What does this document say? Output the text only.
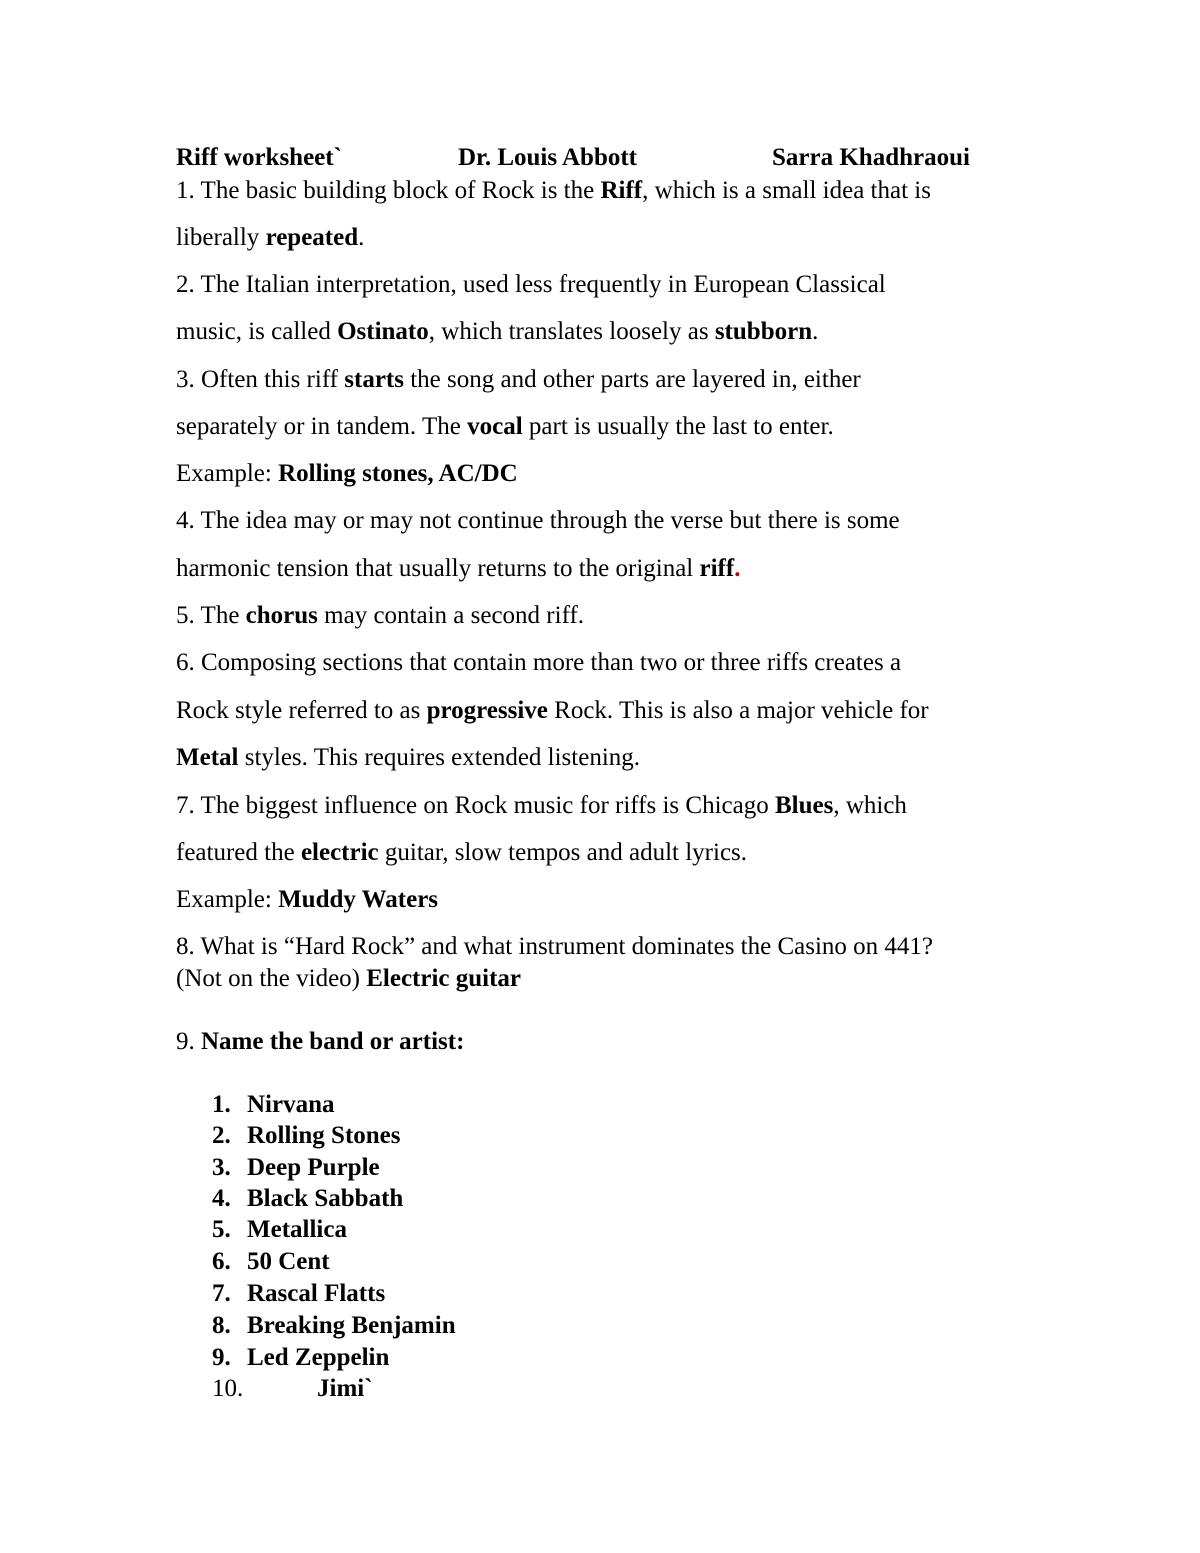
Riff worksheet`	Dr. Louis Abbott	Sarra Khadhraoui
1. The basic building block of Rock is the Riff, which is a small idea that is
liberally repeated.
2. The Italian interpretation, used less frequently in European Classical
music, is called Ostinato, which translates loosely as stubborn.
3. Often this riff starts the song and other parts are layered in, either
separately or in tandem. The vocal part is usually the last to enter.
Example: Rolling stones, AC/DC
4. The idea may or may not continue through the verse but there is some
harmonic tension that usually returns to the original riff.
5. The chorus may contain a second riff.
6. Composing sections that contain more than two or three riffs creates a
Rock style referred to as progressive Rock. This is also a major vehicle for
Metal styles. This requires extended listening.
7. The biggest influence on Rock music for riffs is Chicago Blues, which
featured the electric guitar, slow tempos and adult lyrics.
Example: Muddy Waters
8. What is “Hard Rock” and what instrument dominates the Casino on 441?
(Not on the video) Electric guitar
9. Name the band or artist:
1. Nirvana
2. Rolling Stones
3. Deep Purple
4. Black Sabbath
5. Metallica
6. 50 Cent
7. Rascal Flatts
8. Breaking Benjamin
9. Led Zeppelin
10.	Jimi`
